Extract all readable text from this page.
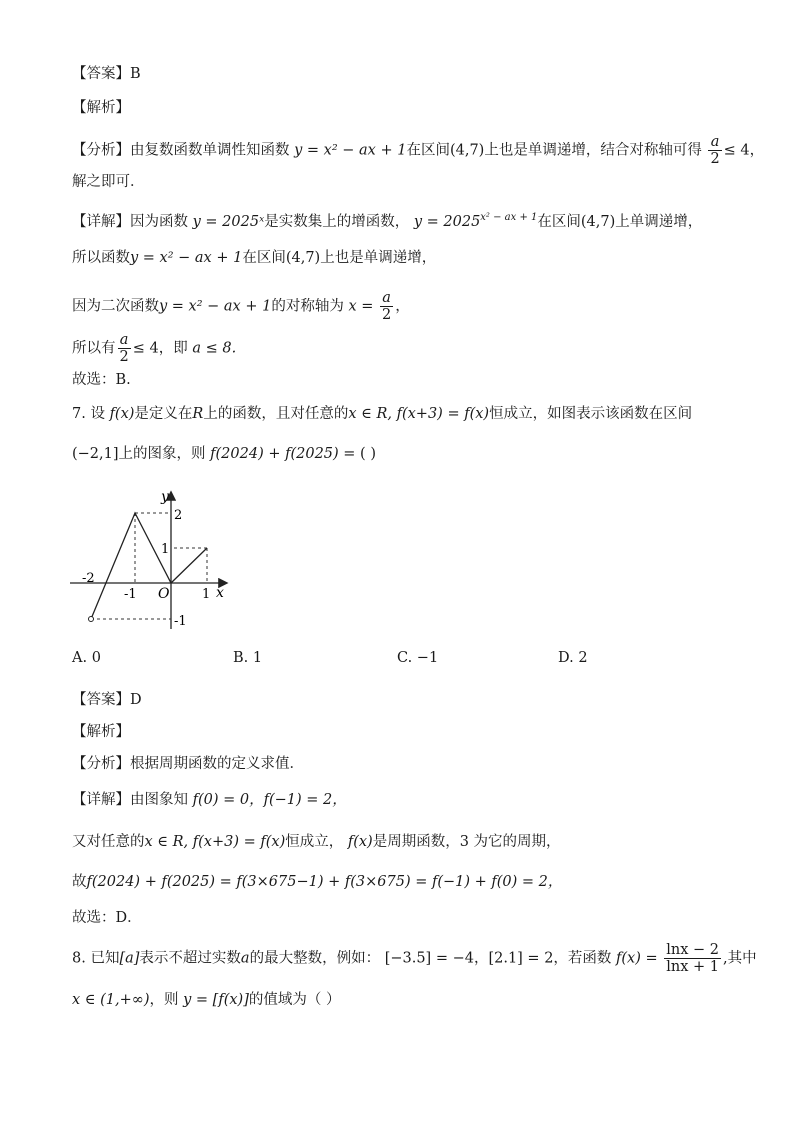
【答案】B
【解析】
【分析】由复数函数单调性知函数 y = x² − ax + 1在区间(4,7)上也是单调递增，结合对称轴可得 $\frac{a}{2} \le 4$，
解之即可．
【详解】因为函数 y = 2025ˣ是实数集上的增函数， $y = 2025^{x^2 - ax + 1}$在区间(4,7)上单调递增，
所以函数y = x² − ax + 1在区间(4,7)上也是单调递增，
因为二次函数y = x² − ax + 1的对称轴为 $x = \frac{a}{2}$ ，
所以有 $\frac{a}{2} \le 4$，即 a ≤ 8.
故选：B.
7. 设 f(x)是定义在R上的函数，且对任意的x ∈ R, f(x+3) = f(x)恒成立，如图表示该函数在区间
(−2,1]上的图象，则 f(2024) + f(2025) = ( )
y
x
O
-2
-1	1
2
1
-1
A. 0	B. 1	C. −1	D. 2
【答案】D
【解析】
【分析】根据周期函数的定义求值．
【详解】由图象知 f(0) = 0，f(−1) = 2，
又对任意的x ∈ R, f(x+3) = f(x)恒成立， f(x)是周期函数，3 为它的周期，
故f(2024) + f(2025) = f(3×675−1) + f(3×675) = f(−1) + f(0) = 2，
故选：D．
8. 已知[a]表示不超过实数a的最大整数，例如： [−3.5] = −4，[2.1] = 2，若函数 $f(x) = \frac{\ln x - 2}{\ln x + 1}$ ,其中
x ∈ (1,+∞)，则 y = [f(x)]的值域为（ ）
